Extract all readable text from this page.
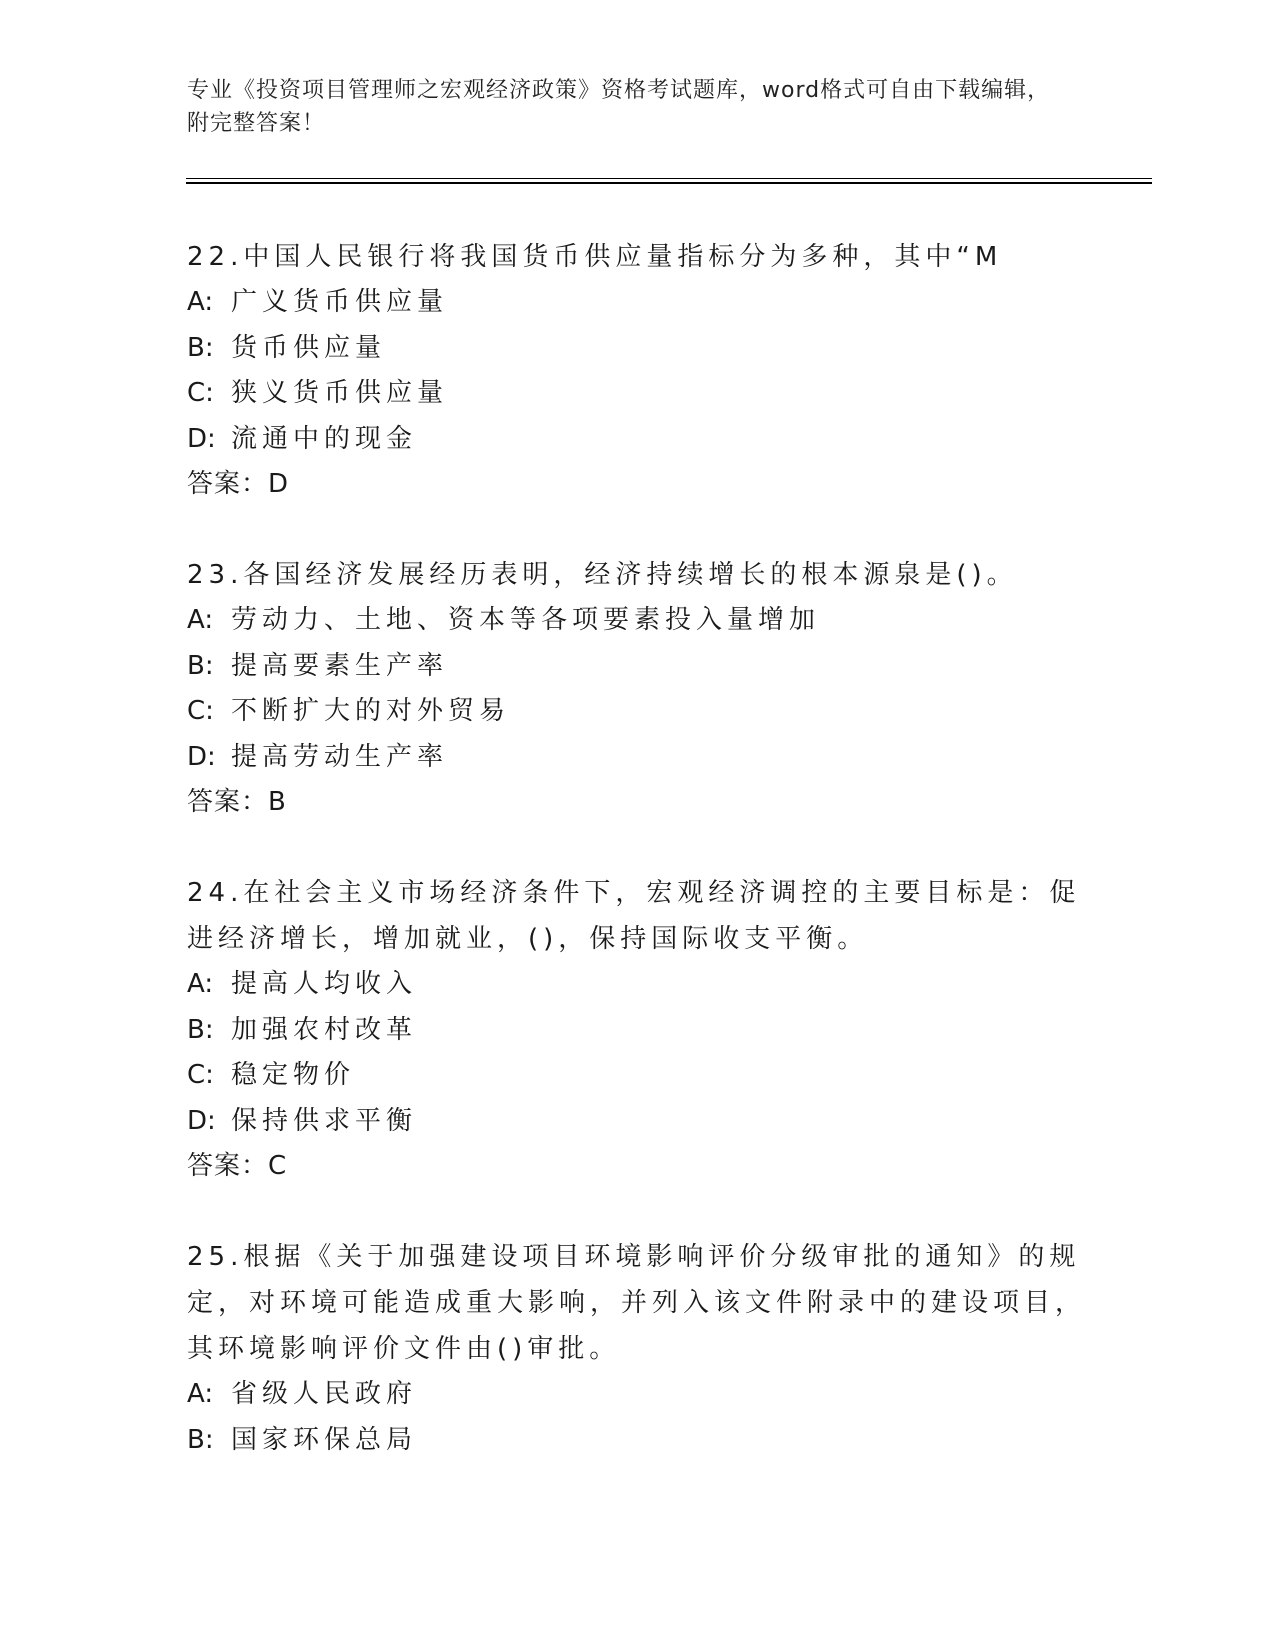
专业《投资项目管理师之宏观经济政策》资格考试题库，word格式可自由下载编辑，附完整答案！
22.中国人民银行将我国货币供应量指标分为多种，其中“M
A: 广义货币供应量
B: 货币供应量
C: 狭义货币供应量
D: 流通中的现金
答案：D
23.各国经济发展经历表明，经济持续增长的根本源泉是()。
A: 劳动力、土地、资本等各项要素投入量增加
B: 提高要素生产率
C: 不断扩大的对外贸易
D: 提高劳动生产率
答案：B
24.在社会主义市场经济条件下，宏观经济调控的主要目标是：促进经济增长，增加就业，()，保持国际收支平衡。
A: 提高人均收入
B: 加强农村改革
C: 稳定物价
D: 保持供求平衡
答案：C
25.根据《关于加强建设项目环境影响评价分级审批的通知》的规定，对环境可能造成重大影响，并列入该文件附录中的建设项目，其环境影响评价文件由()审批。
A: 省级人民政府
B: 国家环保总局
